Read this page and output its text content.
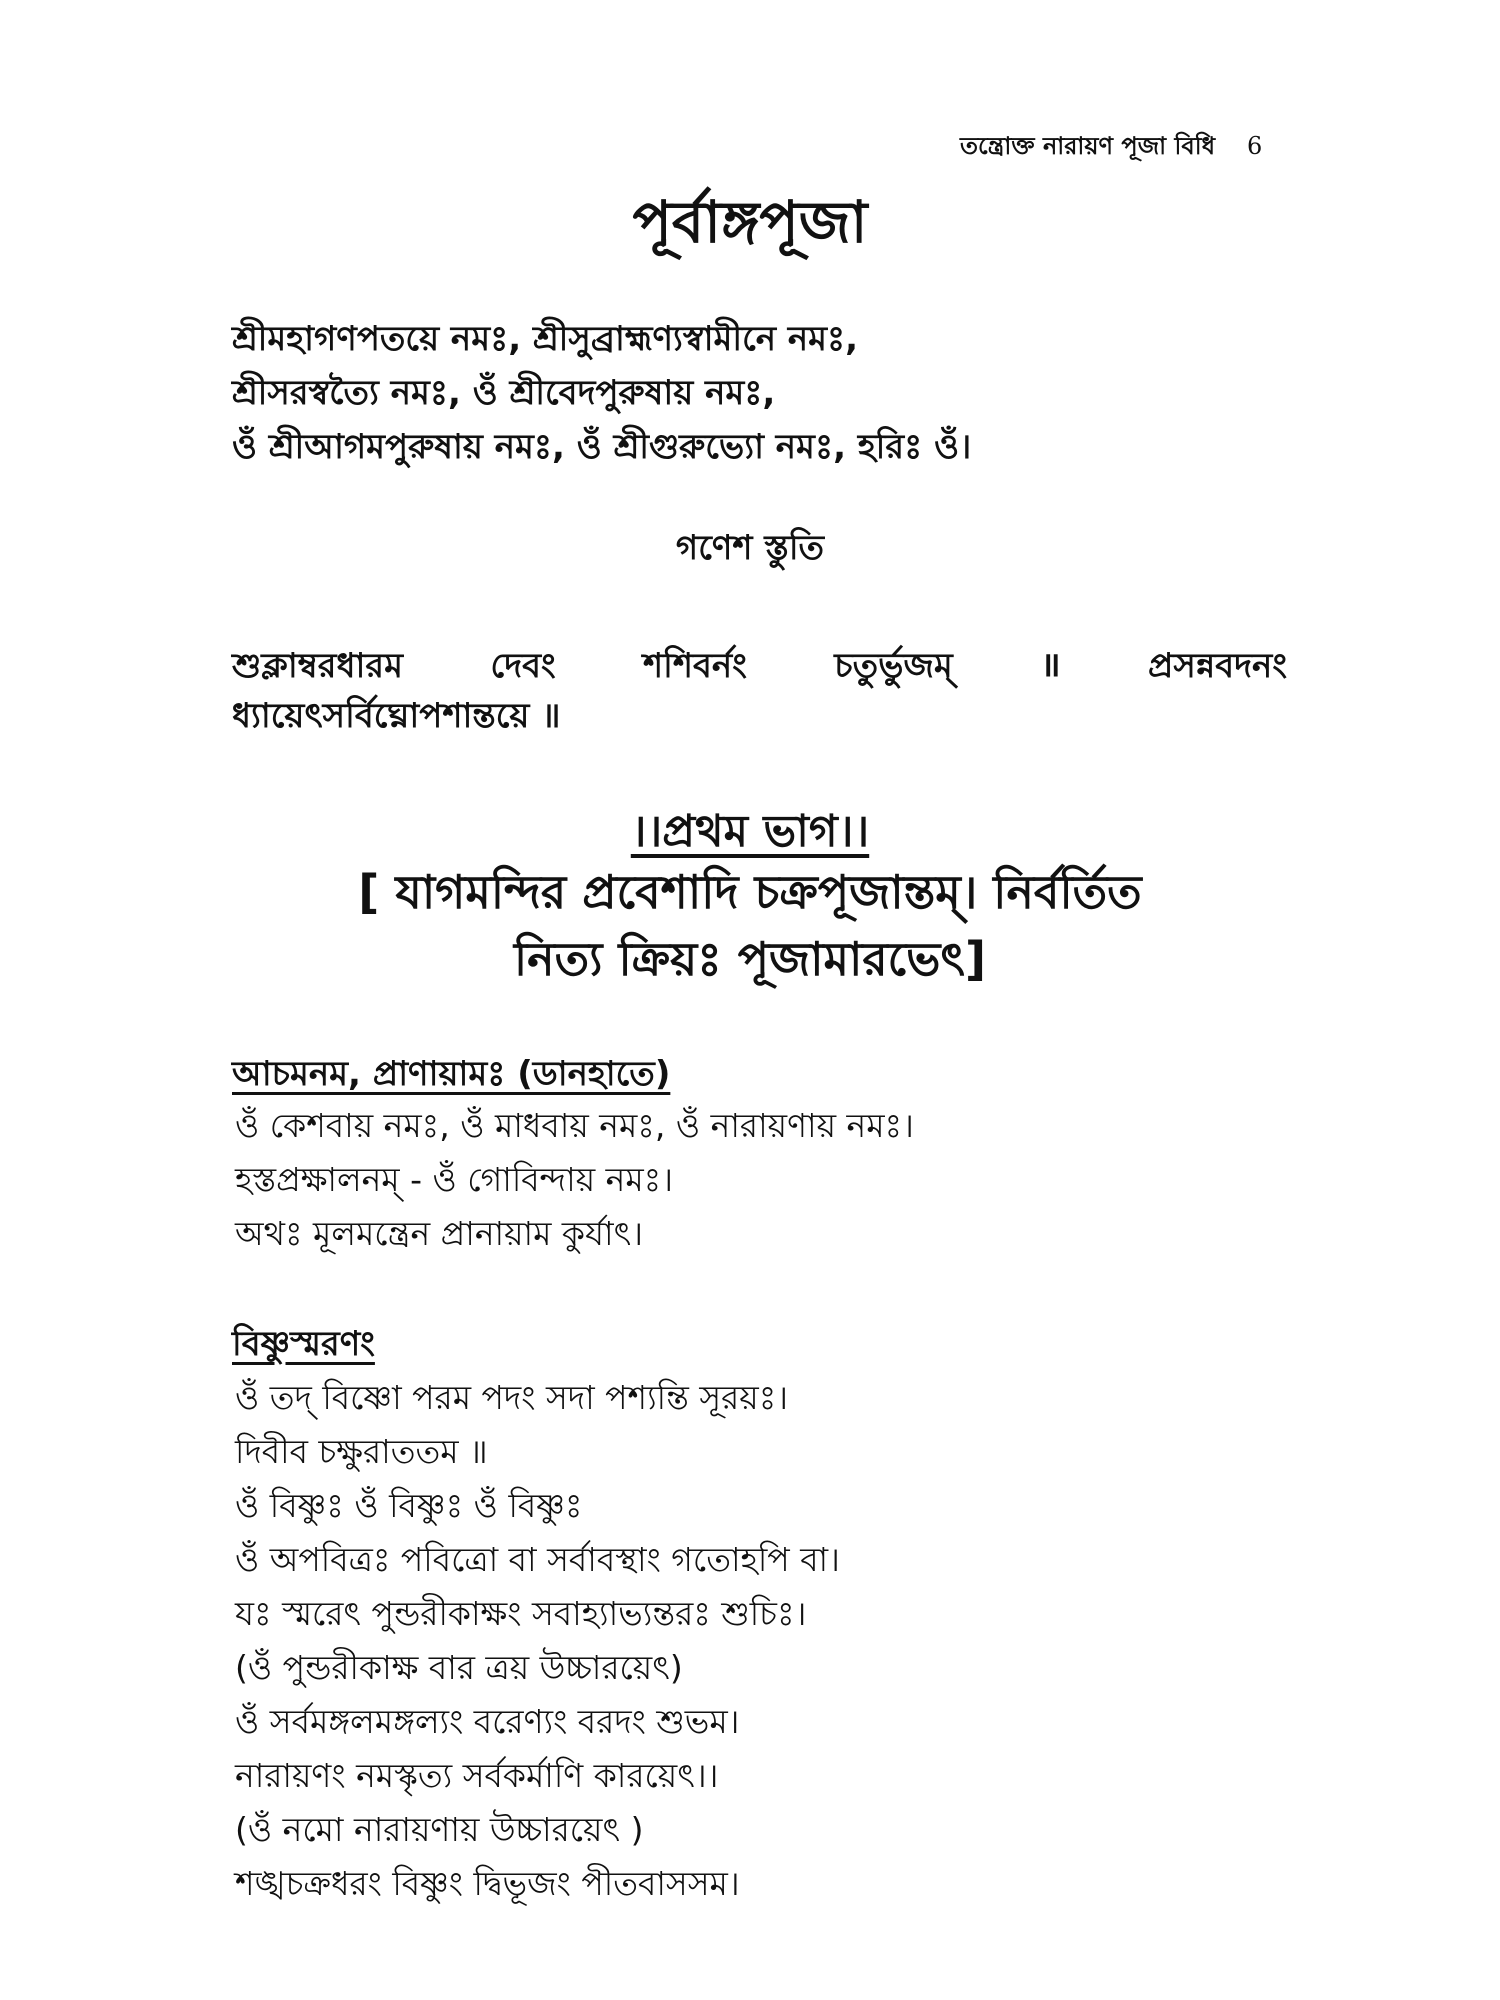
তন্ত্রোক্ত নারায়ণ পূজা বিধি 6
পূর্বাঙ্গপূজা
শ্রীমহাগণপতয়ে নমঃ, শ্রীসুব্রাহ্মণ্যস্বামীনে নমঃ,
শ্রীসরস্বত্যৈ নমঃ, ওঁ শ্রীবেদপুরুষায় নমঃ,
ওঁ শ্রীআগমপুরুষায় নমঃ, ওঁ শ্রীগুরুভ্যো নমঃ, হরিঃ ওঁ।
গণেশ স্তুতি
শুক্লাম্বরধারম	দেবং	শশিবর্নং	চতুর্ভুজম্	॥	প্রসন্নবদনং
ধ্যায়েৎসর্বিঘ্নোপশান্তয়ে ॥
।।প্রথম ভাগ।।
[ যাগমন্দির প্রবেশাদি চক্রপূজান্তম্। নির্বর্তিত
নিত্য ক্রিয়ঃ পূজামারভেৎ]
আচমনম, প্রাণায়ামঃ (ডানহাতে)
ওঁ কেশবায় নমঃ, ওঁ মাধবায় নমঃ, ওঁ নারায়ণায় নমঃ।
হস্তপ্রক্ষালনম্ - ওঁ গোবিন্দায় নমঃ।
অথঃ মূলমন্ত্রেন প্রানায়াম কুর্যাৎ।
বিষ্ণুস্মরণং
ওঁ তদ্ বিষ্ণো পরম পদং সদা পশ্যন্তি সূরয়ঃ।
দিবীব চক্ষুরাততম ॥
ওঁ বিষ্ণুঃ ওঁ বিষ্ণুঃ ওঁ বিষ্ণুঃ
ওঁ অপবিত্রঃ পবিত্রো বা সর্বাবস্থাং গতোহপি বা।
যঃ স্মরেৎ পুন্ডরীকাক্ষং সবাহ্যাভ্যন্তরঃ শুচিঃ।
(ওঁ পুন্ডরীকাক্ষ বার ত্রয় উচ্চারয়েৎ)
ওঁ সর্বমঙ্গলমঙ্গল্যং বরেণ্যং বরদং শুভম।
নারায়ণং নমস্কৃত্য সর্বকর্মাণি কারয়েৎ।।
(ওঁ নমো নারায়ণায় উচ্চারয়েৎ )
শঙ্খচক্রধরং বিষ্ণুং দ্বিভূজং পীতবাসসম।
